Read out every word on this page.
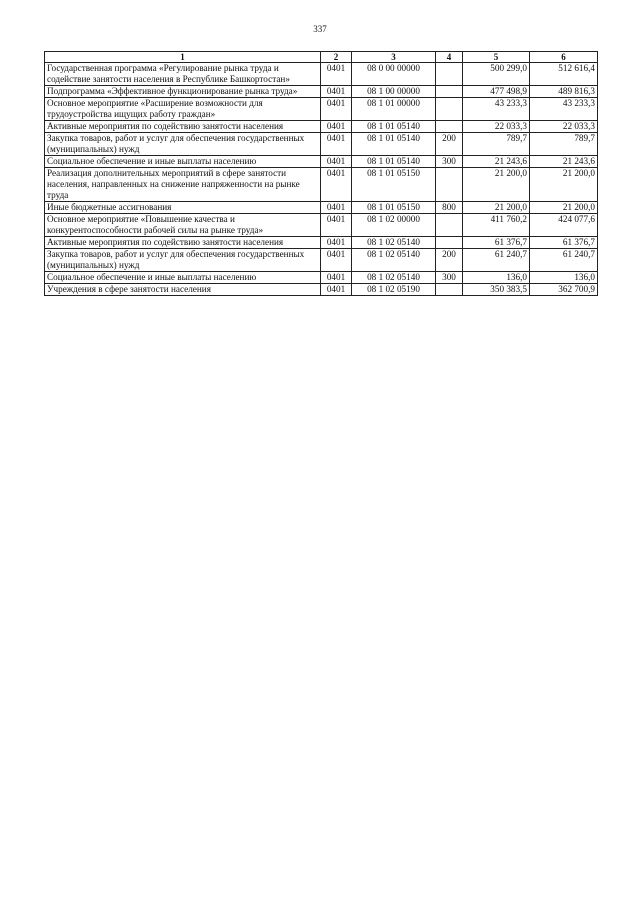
337
1	2	3	4	5	6
Государственная программа «Регулирование рынка труда и содействие занятости населения в Республике Башкортостан»	0401	08 0 00 00000		500 299,0	512 616,4
Подпрограмма «Эффективное функционирование рынка труда»	0401	08 1 00 00000		477 498,9	489 816,3
Основное мероприятие «Расширение возможности для трудоустройства ищущих работу граждан»	0401	08 1 01 00000		43 233,3	43 233,3
Активные мероприятия по содействию занятости населения	0401	08 1 01 05140		22 033,3	22 033,3
Закупка товаров, работ и услуг для обеспечения государственных (муниципальных) нужд	0401	08 1 01 05140	200	789,7	789,7
Социальное обеспечение и иные выплаты населению	0401	08 1 01 05140	300	21 243,6	21 243,6
Реализация дополнительных мероприятий в сфере занятости населения, направленных на снижение напряженности на рынке труда	0401	08 1 01 05150		21 200,0	21 200,0
Иные бюджетные ассигнования	0401	08 1 01 05150	800	21 200,0	21 200,0
Основное мероприятие «Повышение качества и конкурентоспособности рабочей силы на рынке труда»	0401	08 1 02 00000		411 760,2	424 077,6
Активные мероприятия по содействию занятости населения	0401	08 1 02 05140		61 376,7	61 376,7
Закупка товаров, работ и услуг для обеспечения государственных (муниципальных) нужд	0401	08 1 02 05140	200	61 240,7	61 240,7
Социальное обеспечение и иные выплаты населению	0401	08 1 02 05140	300	136,0	136,0
Учреждения в сфере занятости населения	0401	08 1 02 05190		350 383,5	362 700,9
